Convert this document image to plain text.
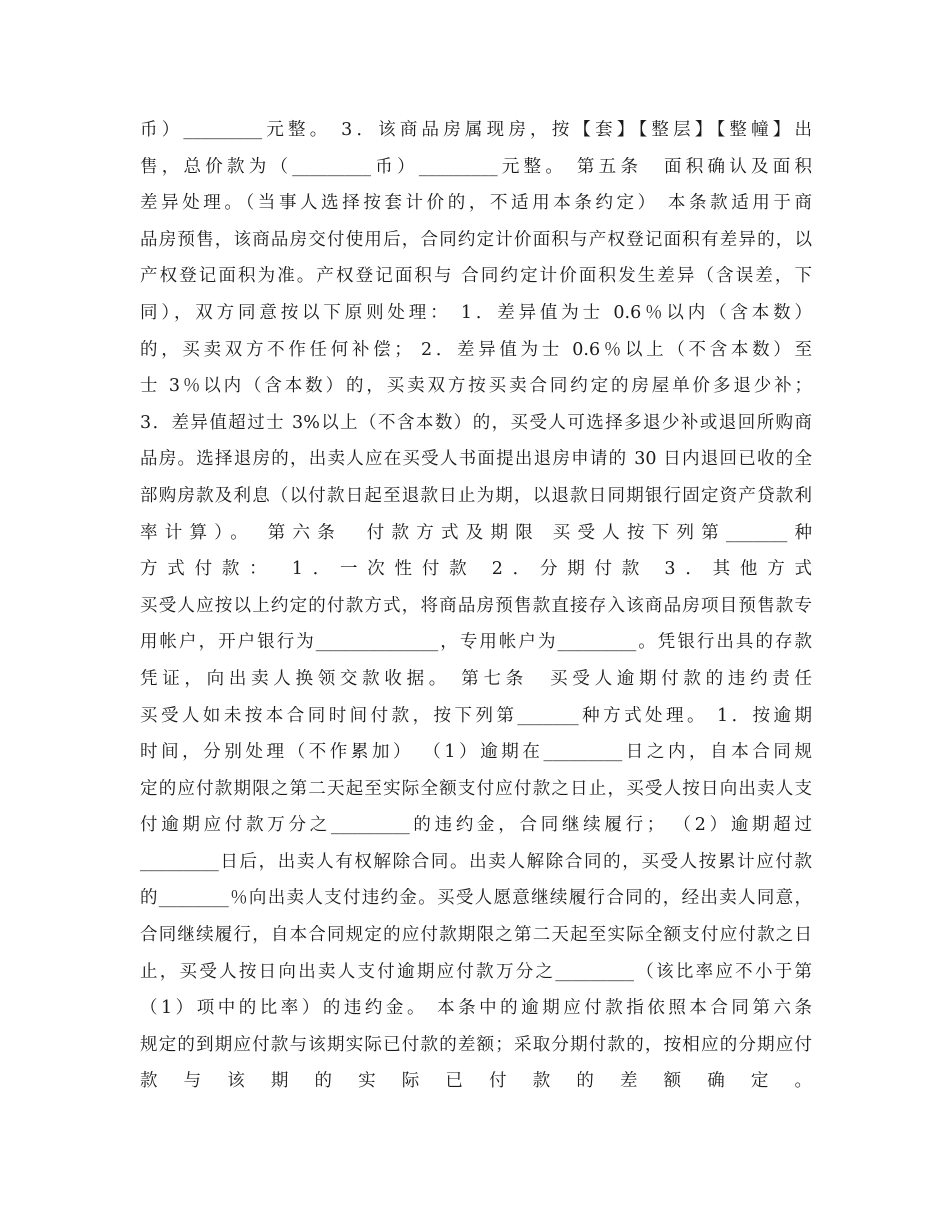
币）_________元整。 3．该商品房属现房，按【套】【整层】【整幢】出
售，总价款为（_________币）_________元整。 第五条　面积确认及面积
差异处理。（当事人选择按套计价的，不适用本条约定） 本条款适用于商
品房预售，该商品房交付使用后，合同约定计价面积与产权登记面积有差异的，以
产权登记面积为准。产权登记面积与 合同约定计价面积发生差异（含误差，下
同），双方同意按以下原则处理： 1．差异值为士 0.6％以内（含本数）
的，买卖双方不作任何补偿； 2．差异值为士 0.6％以上（不含本数）至
士 3％以内（含本数）的，买卖双方按买卖合同约定的房屋单价多退少补；
3．差异值超过士 3%以上（不含本数）的，买受人可选择多退少补或退回所购商
品房。选择退房的，出卖人应在买受人书面提出退房申请的 30 日内退回已收的全
部购房款及利息（以付款日起至退款日止为期，以退款日同期银行固定资产贷款利
率计算）。 第六条　付款方式及期限 买受人按下列第_______种
方式付款： 1．一次性付款 2．分期付款 3．其他方式
买受人应按以上约定的付款方式，将商品房预售款直接存入该商品房项目预售款专
用帐户，开户银行为______________，专用帐户为_________。凭银行出具的存款
凭证，向出卖人换领交款收据。 第七条　买受人逾期付款的违约责任
买受人如未按本合同时间付款，按下列第_______种方式处理。 1．按逾期
时间，分别处理（不作累加） （1）逾期在_________日之内，自本合同规
定的应付款期限之第二天起至实际全额支付应付款之日止，买受人按日向出卖人支
付逾期应付款万分之_________的违约金，合同继续履行； （2）逾期超过
_________日后，出卖人有权解除合同。出卖人解除合同的，买受人按累计应付款
的________％向出卖人支付违约金。买受人愿意继续履行合同的，经出卖人同意，
合同继续履行，自本合同规定的应付款期限之第二天起至实际全额支付应付款之日
止，买受人按日向出卖人支付逾期应付款万分之_________（该比率应不小于第
（1）项中的比率）的违约金。 本条中的逾期应付款指依照本合同第六条
规定的到期应付款与该期实际已付款的差额；采取分期付款的，按相应的分期应付
款　与　该　期　的　实　际　已　付　款　的　差　额　确　定　。
